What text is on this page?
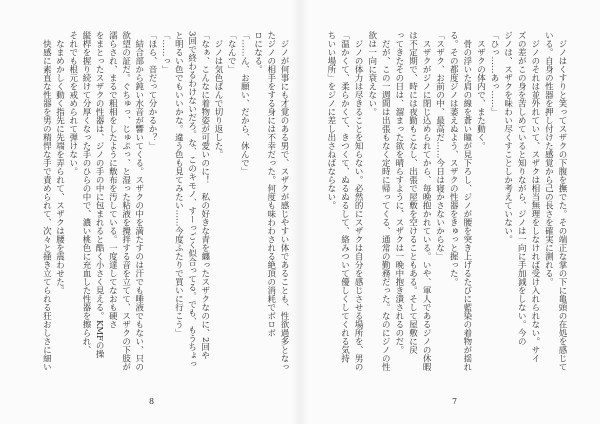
　ジノはくすりと笑ってスザクの下腹を撫でた。その端正な掌の下に亀頭の在処を感じて
いる。自身の性器を押し付けた感覚から己の長さを確実に測れる。
　ジノのそれは並外れていて、スザクは相当無理をしなければ受け入れられない。サイ
ズの差がこの身を苦しめていると知りながら、ジノは一向に手加減をしない。今の
ジノは、スザクを味わい尽くすことしか考えていない。
「ひっ……あっ……」
　スザクの体内で、また動く。
　骨の浮いた肩の線を蒼い瞳が見下ろし、ジノが腰を突き上げるたびに藍染の着物が揺れ
る。その都度ジノは萎えぬよう、スザクの性器をきゅっと握った。
「スザク、お前の中、最高だ……今日は寝かさないからな」
　スザクがジノに閉じ込められてから、毎晩抱かれている。いや、軍人であるジノの休暇
は不定期で、時には夜勤もこなし、出張で屋敷を空けることもある。そして屋敷に戻
ってきたその日は、溜まった欲を晴らすように、スザクは一晩中抱き潰されるのだ。
　だが、この一週間は出張もなく定時に帰ってくる、通常の勤務だった。なのにジノの性
欲は一向に衰えない。
　ジノの体力は尽きることを知らない。必然的にスザクは自分を感じさせる場所を、男の
「温かくて、柔らかくて、きつくて、ぬるぬるして、絡みついて優しくしてくれる気持
ちいい場所」をジノに差し出さねばならない。
7
　ジノが何事にも才覚のある男で、スザクが感じやすい体であることも、性欲過多となっ
たジノの相手をする身には不幸だった。何度も味わわされる絶頂の消耗でボロボ
ロになる。
「……ん、お願い、だから、休んで」
「なんで」
　ジノは気色ばんで切り返した。
「なぁ、こんなに着物姿が可愛いのに！　私の好きな青を纏ったスザクなのに、2回や
3回で終わるわけないだろ。な、このキモノ、すーっごく似合ってる。でも、もうちょっ
と明るい色でもいいかな。違う色も見てみたい……今度ふたりで買いに行こう」
「……っ」
「ほら、音だって分かるか？」
　結合部から鈍い水音が響いてくる。スザクの中を満たすのは汗でも唾液でもない、只の
欲望の証だ。ぐちゅっ、じゅぷっ、と湿った粘液を攪拌する音を立てて、スザクの下肢が
濡らされ、まるで粗相をしたように敷布を汚している。一度達してなおも硬さ
をまとったスザクの性器は、ジノの手の中に包まれると酷く小さく見える。KMFの操
縦桿を握り続けて分厚くなった手のひらの中で、濃い桃色に充血した性器を擦られ、
それでも根元を戒められて弾けない。
　なまめかしく動く指先に先端を弄られて、スザクは腰を震わせた。
　快感に素直な性器を男の精悍な手で責められて、次々と掻き立てられる狂おしさに細い
8
